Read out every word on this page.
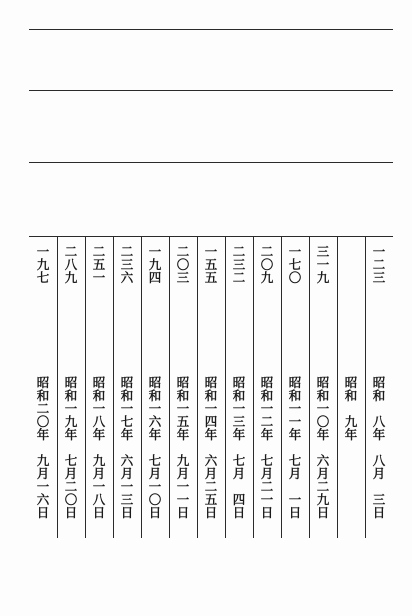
一
二
三
昭
和

八
年

八
月

三
日
昭
和

九
年
三
一
九
昭
和
一
〇
年

六
月
二
九
日
一
七
〇
昭
和
一
一
年

七
月

一
日
二
〇
九
昭
和
一
二
年

七
月
二
一
日
二
三
二
昭
和
一
三
年

七
月

四
日
一
五
五
昭
和
一
四
年

六
月
二
五
日
二
〇
三
昭
和
一
五
年

九
月
一
一
日
一
九
四
昭
和
一
六
年

七
月
一
〇
日
二
三
六
昭
和
一
七
年

六
月
一
三
日
二
五
一
昭
和
一
八
年

九
月
一
八
日
二
八
九
昭
和
一
九
年

七
月
二
〇
日
一
九
七
昭
和
二
〇
年

九
月
一
六
日
